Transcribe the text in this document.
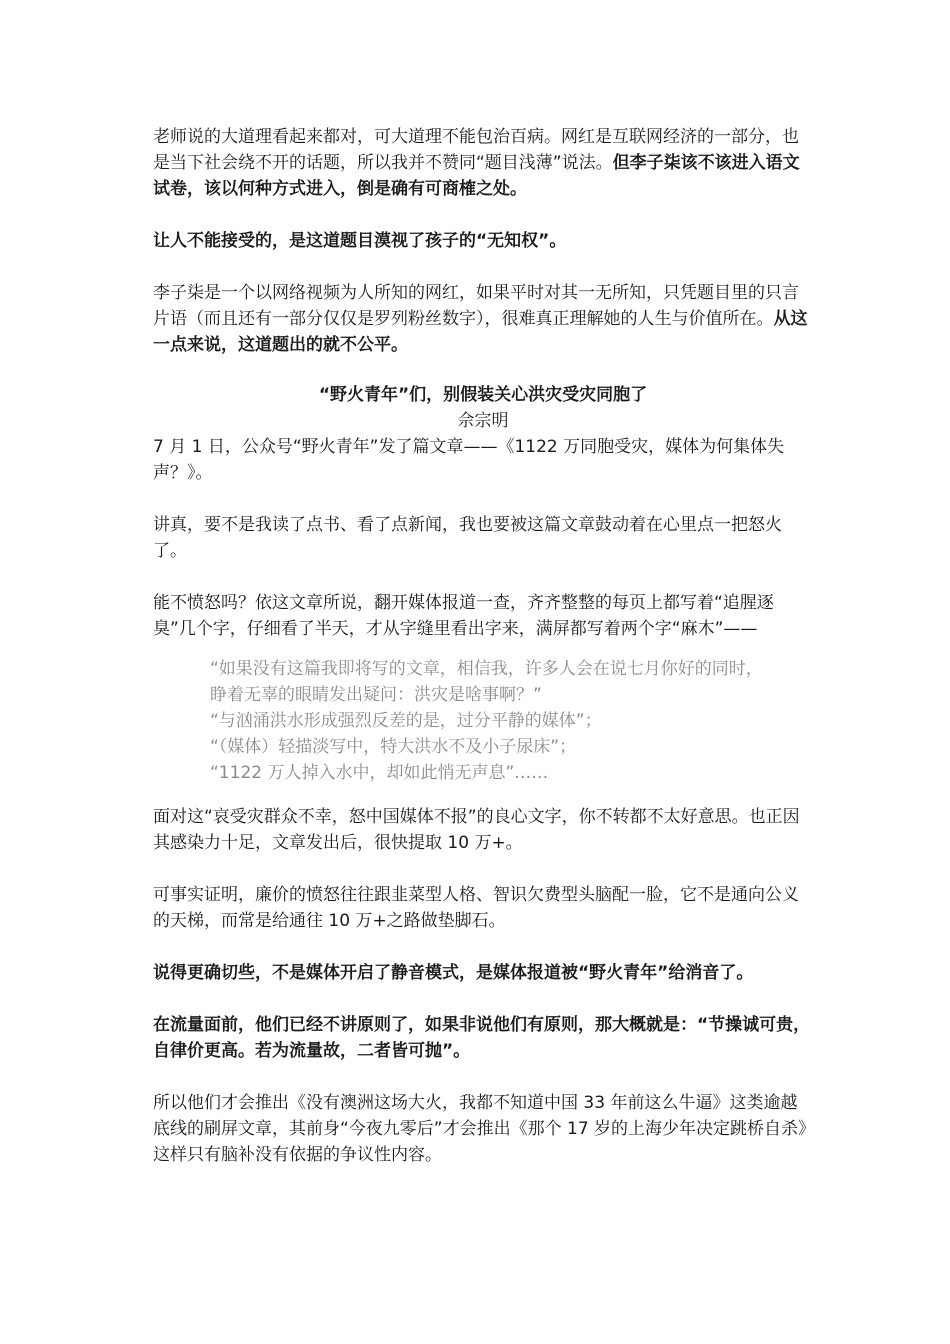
老师说的大道理看起来都对，可大道理不能包治百病。网红是互联网经济的一部分，也是当下社会绕不开的话题，所以我并不赞同“题目浅薄”说法。但李子柒该不该进入语文试卷，该以何种方式进入，倒是确有可商榷之处。

让人不能接受的，是这道题目漠视了孩子的“无知权”。

李子柒是一个以网络视频为人所知的网红，如果平时对其一无所知，只凭题目里的只言片语（而且还有一部分仅仅是罗列粉丝数字），很难真正理解她的人生与价值所在。从这一点来说，这道题出的就不公平。

“野火青年”们，别假装关心洪灾受灾同胞了

佘宗明

7 月 1 日，公众号“野火青年”发了篇文章——《1122 万同胞受灾，媒体为何集体失声？》。

讲真，要不是我读了点书、看了点新闻，我也要被这篇文章鼓动着在心里点一把怒火了。

能不愤怒吗？依这文章所说，翻开媒体报道一查，齐齐整整的每页上都写着“追腥逐臭”几个字，仔细看了半天，才从字缝里看出字来，满屏都写着两个字“麻木”——

“如果没有这篇我即将写的文章，相信我，许多人会在说七月你好的同时，睁着无辜的眼睛发出疑问：洪灾是啥事啊？”

“与汹涌洪水形成强烈反差的是，过分平静的媒体”；

“（媒体）轻描淡写中，特大洪水不及小子尿床”；

“1122 万人掉入水中，却如此悄无声息”……

面对这“哀受灾群众不幸，怒中国媒体不报”的良心文字，你不转都不太好意思。也正因其感染力十足，文章发出后，很快提取 10 万+。

可事实证明，廉价的愤怒往往跟韭菜型人格、智识欠费型头脑配一脸，它不是通向公义的天梯，而常是给通往 10 万+之路做垫脚石。

说得更确切些，不是媒体开启了静音模式，是媒体报道被“野火青年”给消音了。

在流量面前，他们已经不讲原则了，如果非说他们有原则，那大概就是：“节操诚可贵，自律价更高。若为流量故，二者皆可抛”。

所以他们才会推出《没有澳洲这场大火，我都不知道中国 33 年前这么牛逼》这类逾越底线的刷屏文章，其前身“今夜九零后”才会推出《那个 17 岁的上海少年决定跳桥自杀》这样只有脑补没有依据的争议性内容。
